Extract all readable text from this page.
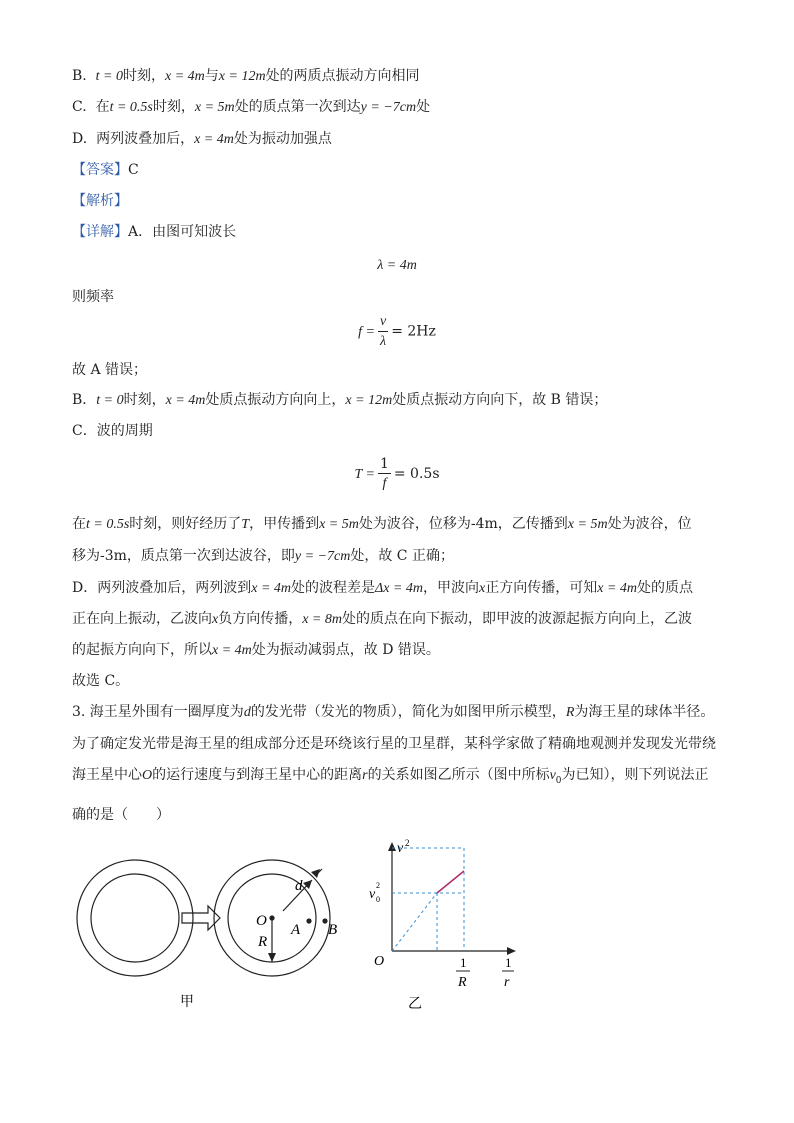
B. t = 0时刻，x = 4m与x = 12m处的两质点振动方向相同
C. 在t = 0.5s时刻，x = 5m处的质点第一次到达y = −7cm处
D. 两列波叠加后，x = 4m处为振动加强点
【答案】C
【解析】
【详解】A．由图可知波长
λ = 4m
则频率
$f = \frac{v}{\lambda} = 2Hz$
故 A 错误；
B．t = 0时刻，x = 4m处质点振动方向向上，x = 12m处质点振动方向向下，故 B 错误；
C．波的周期
$T = \frac{1}{f} = 0.5s$
在t = 0.5s时刻，则好经历了T，甲传播到x = 5m处为波谷，位移为-4m，乙传播到x = 5m处为波谷，位
移为-3m，质点第一次到达波谷，即y = −7cm处，故 C 正确；
D．两列波叠加后，两列波到x = 4m处的波程差是Δx = 4m，甲波向x正方向传播，可知x = 4m处的质点
正在向上振动，乙波向x负方向传播，x = 8m处的质点在向下振动，即甲波的波源起振方向向上，乙波
的起振方向向下，所以x = 4m处为振动减弱点，故 D 错误。
故选 C。
3. 海王星外围有一圈厚度为d的发光带（发光的物质），简化为如图甲所示模型，R为海王星的球体半径。
为了确定发光带是海王星的组成部分还是环绕该行星的卫星群，某科学家做了精确地观测并发现发光带绕
海王星中心O的运行速度与到海王星中心的距离r的关系如图乙所示（图中所标$v_0$为已知），则下列说法正
确的是（　　）
O
R
A B
d
甲
v 2
v 0
2
O	1
R
1
r
乙
